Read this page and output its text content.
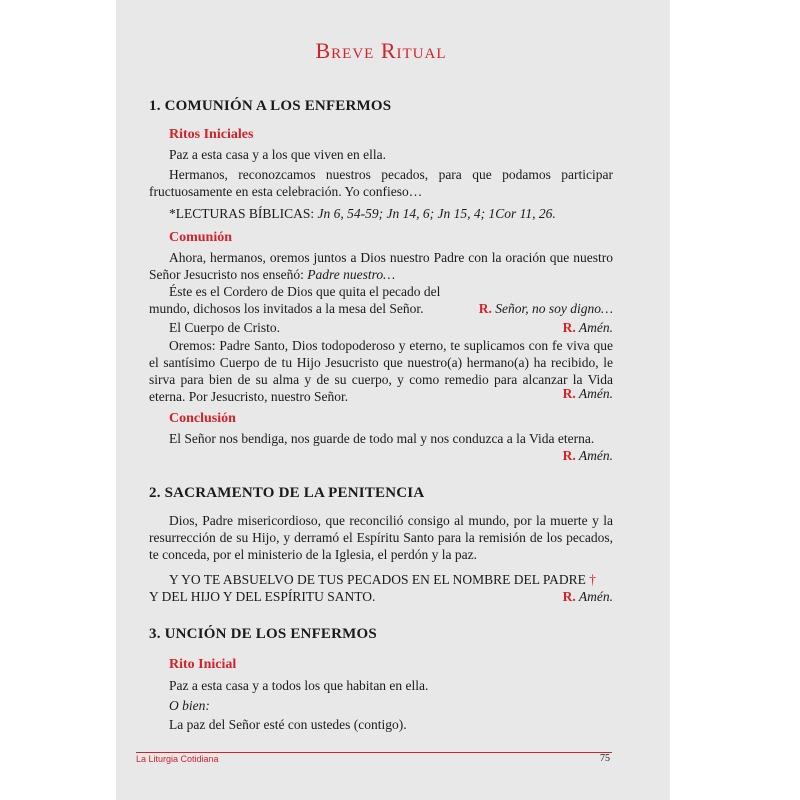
Breve Ritual
1. COMUNIÓN A LOS ENFERMOS
Ritos Iniciales
Paz a esta casa y a los que viven en ella.
Hermanos, reconozcamos nuestros pecados, para que podamos participar fructuosamente en esta celebración. Yo confieso…
*LECTURAS BÍBLICAS: Jn 6, 54-59; Jn 14, 6; Jn 15, 4; 1Cor 11, 26.
Comunión
Ahora, hermanos, oremos juntos a Dios nuestro Padre con la oración que nuestro Señor Jesucristo nos enseñó: Padre nuestro…
Éste es el Cordero de Dios que quita el pecado del mundo, dichosos los invitados a la mesa del Señor.	R. Señor, no soy digno…
El Cuerpo de Cristo.	R. Amén.
Oremos: Padre Santo, Dios todopoderoso y eterno, te suplicamos con fe viva que el santísimo Cuerpo de tu Hijo Jesucristo que nuestro(a) hermano(a) ha recibido, le sirva para bien de su alma y de su cuerpo, y como remedio para alcanzar la Vida eterna. Por Jesucristo, nuestro Señor.	R. Amén.
Conclusión
El Señor nos bendiga, nos guarde de todo mal y nos conduzca a la Vida eterna.
R. Amén.
2. SACRAMENTO DE LA PENITENCIA
Dios, Padre misericordioso, que reconcilió consigo al mundo, por la muerte y la resurrección de su Hijo, y derramó el Espíritu Santo para la remisión de los pecados, te conceda, por el ministerio de la Iglesia, el perdón y la paz.
Y YO TE ABSUELVO DE TUS PECADOS EN EL NOMBRE DEL PADRE †
Y DEL HIJO Y DEL ESPÍRITU SANTO.	R. Amén.
3. UNCIÓN DE LOS ENFERMOS
Rito Inicial
Paz a esta casa y a todos los que habitan en ella.
O bien:
La paz del Señor esté con ustedes (contigo).
La Liturgia Cotidiana	75
